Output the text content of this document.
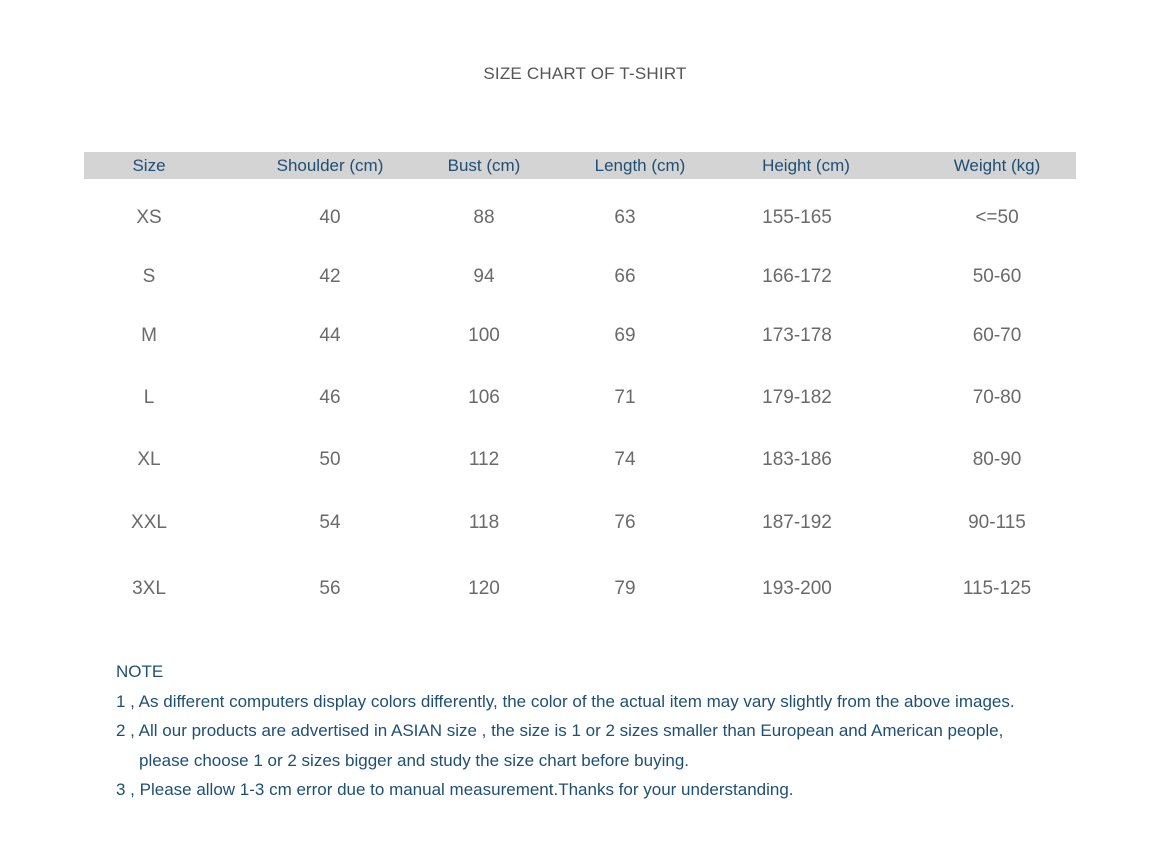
SIZE CHART OF T-SHIRT
Size	Shoulder (cm)	Bust (cm)	Length (cm)	Height (cm)	Weight (kg)
XS	40	88	63	155-165	<=50
S	42	94	66	166-172	50-60
M	44	100	69	173-178	60-70
L	46	106	71	179-182	70-80
XL	50	112	74	183-186	80-90
XXL	54	118	76	187-192	90-115
3XL	56	120	79	193-200	115-125
NOTE
1 , As different computers display colors differently, the color of the actual item may vary slightly from the above images.
2 , All our products are advertised in ASIAN size , the size is 1 or 2 sizes smaller than European and American people,
please choose 1 or 2 sizes bigger and study the size chart before buying.
3 , Please allow 1-3 cm error due to manual measurement.Thanks for your understanding.
